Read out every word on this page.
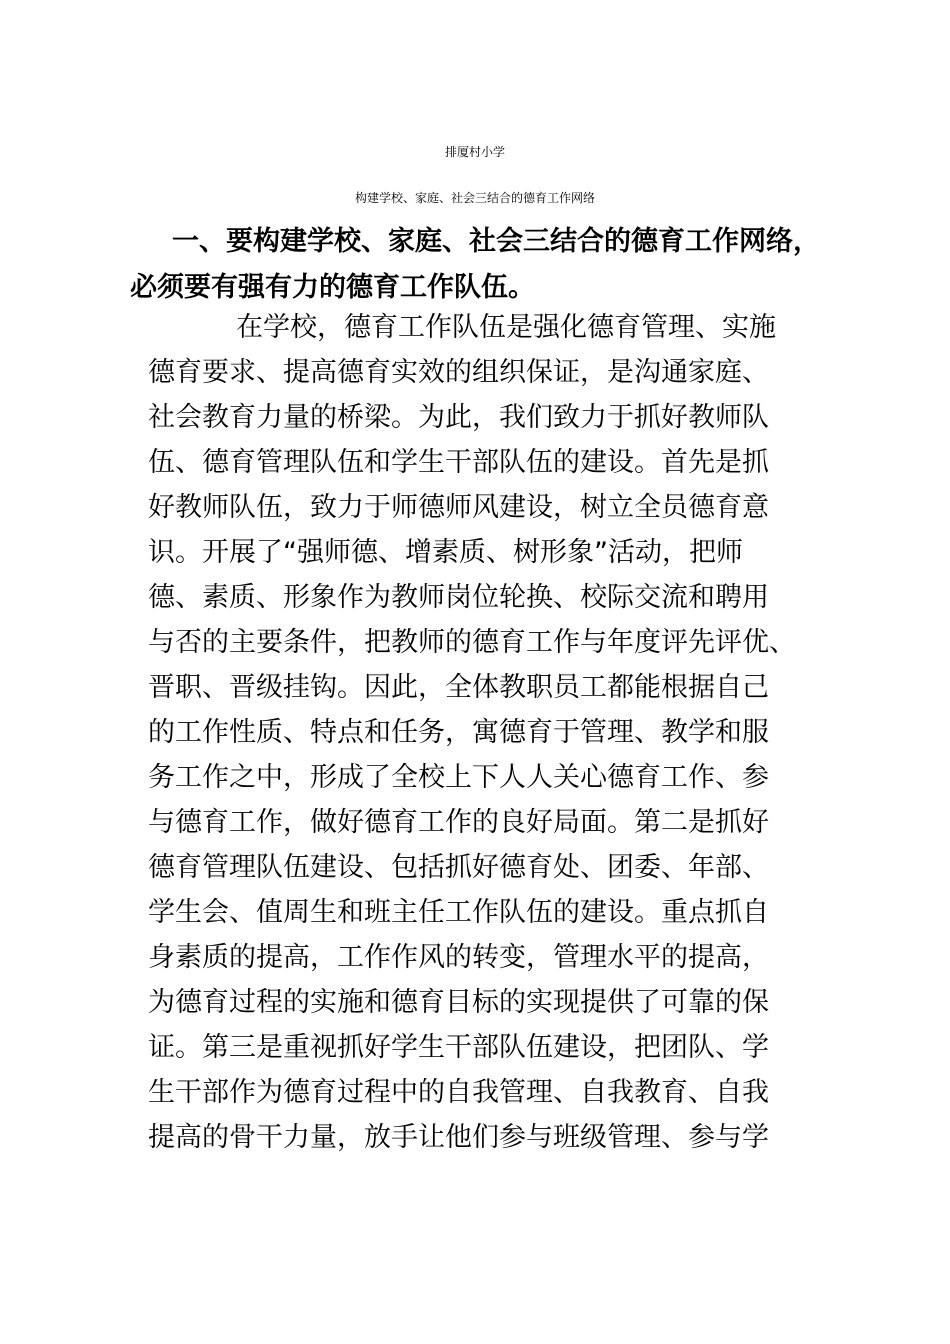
排厦村小学
构建学校、家庭、社会三结合的德育工作网络
一、要构建学校、家庭、社会三结合的德育工作网络，
必须要有强有力的德育工作队伍。
在学校，德育工作队伍是强化德育管理、实施
德育要求、提高德育实效的组织保证，是沟通家庭、
社会教育力量的桥梁。为此，我们致力于抓好教师队
伍、德育管理队伍和学生干部队伍的建设。首先是抓
好教师队伍，致力于师德师风建设，树立全员德育意
识。开展了“强师德、增素质、树形象”活动，把师
德、素质、形象作为教师岗位轮换、校际交流和聘用
与否的主要条件，把教师的德育工作与年度评先评优、
晋职、晋级挂钩。因此，全体教职员工都能根据自己
的工作性质、特点和任务，寓德育于管理、教学和服
务工作之中，形成了全校上下人人关心德育工作、参
与德育工作，做好德育工作的良好局面。第二是抓好
德育管理队伍建设、包括抓好德育处、团委、年部、
学生会、值周生和班主任工作队伍的建设。重点抓自
身素质的提高，工作作风的转变，管理水平的提高，
为德育过程的实施和德育目标的实现提供了可靠的保
证。第三是重视抓好学生干部队伍建设，把团队、学
生干部作为德育过程中的自我管理、自我教育、自我
提高的骨干力量，放手让他们参与班级管理、参与学
